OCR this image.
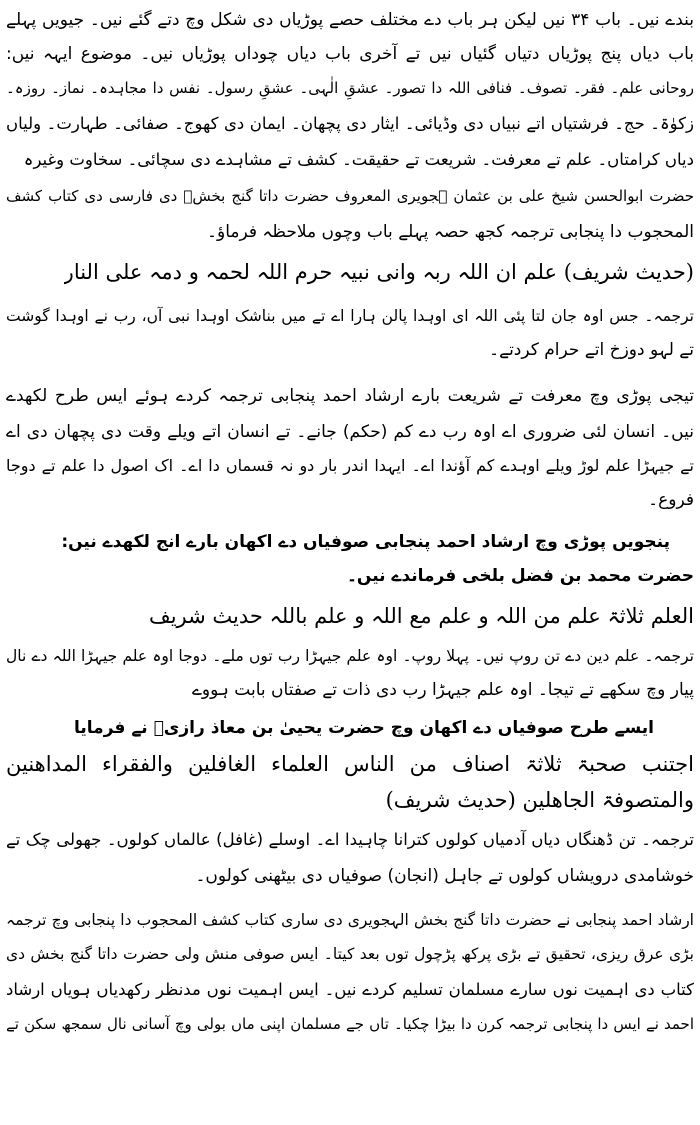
بندے نیں۔ باب ۳۴ نیں لیکن ہر باب دے مختلف حصے پوڑیاں دی شکل وچ دتے گئے نیں۔ جیویں پہلے
باب دیاں پنج پوڑیاں دتیاں گئیاں نیں تے آخری باب دیاں چوداں پوڑیاں نیں۔ موضوع ایہہ نیں:
روحانی علم۔ فقر۔ تصوف۔ فنافی اللہ دا تصور۔ عشقِ الٰہی۔ عشقِ رسول۔ نفس دا مجاہدہ۔ نماز۔ روزہ۔
زکوٰۃ۔ حج۔ فرشتیاں اتے نبیاں دی وڈیائی۔ ایثار دی پچھان۔ ایمان دی کھوج۔ صفائی۔ طہارت۔ ولیاں
دیاں کرامتاں۔ علم تے معرفت۔ شریعت تے حقیقت۔ کشف تے مشاہدے دی سچائی۔ سخاوت وغیرہ
حضرت ابوالحسن شیخ علی بن عثمان ہجویری المعروف حضرت داتا گنج بخشؒ دی فارسی دی کتاب کشف
المحجوب دا پنجابی ترجمہ کجھ حصہ پہلے باب وچوں ملاحظہ فرماؤ۔
(حدیث شریف) علم ان اللہ ربہ وانی نبیہ حرم اللہ لحمہ و دمہ علی النار
ترجمہ۔ جس اوہ جان لتا پئی اللہ ای اوہدا پالن ہارا اے تے میں بناشک اوہدا نبی آں، رب نے اوہدا گوشت
تے لہو دوزخ اتے حرام کردتے۔
تیجی پوڑی وچ معرفت تے شریعت بارے ارشاد احمد پنجابی ترجمہ کردے ہوئے ایس طرح لکھدے
نیں۔ انسان لئی ضروری اے اوہ رب دے کم (حکم) جانے۔ تے انسان اتے ویلے وقت دی پچھان دی اے
تے جیہڑا علم لوڑ ویلے اوہدے کم آؤندا اے۔ ایہدا اندر بار دو نہ قسماں دا اے۔ اک اصول دا علم تے دوجا
فروع۔
پنجویں پوڑی وچ ارشاد احمد پنجابی صوفیاں دے اکھان بارے انج لکھدے نیں:
حضرت محمد بن فضل بلخی فرماندے نیں۔
العلم ثلاثۃ علم من اللہ و علم مع اللہ و علم باللہ حدیث شریف
ترجمہ۔ علم دین دے تن روپ نیں۔ پہلا روپ۔ اوہ علم جیہڑا رب توں ملے۔ دوجا اوہ علم جیہڑا اللہ دے نال
پیار وچ سکھے تے تیجا۔ اوہ علم جیہڑا رب دی ذات تے صفتاں بابت ہووے
ایسے طرح صوفیاں دے اکھان وچ حضرت یحییٰ بن معاذ رازیؒ نے فرمایا
اجتنب صحبۃ ثلاثۃ اصناف من الناس العلماء الغافلین والفقراء المداھنین
والمتصوفۃ الجاھلین (حدیث شریف)
ترجمہ۔ تن ڈھنگاں دیاں آدمیاں کولوں کترانا چاہیدا اے۔ اوسلے (غافل) عالماں کولوں۔ جھولی چک تے
خوشامدی درویشاں کولوں تے جاہل (انجان) صوفیاں دی بیٹھنی کولوں۔
ارشاد احمد پنجابی نے حضرت داتا گنج بخش الہجویری دی ساری کتاب کشف المحجوب دا پنجابی وچ ترجمہ
بڑی عرق ریزی، تحقیق تے بڑی پرکھ پڑچول توں بعد کیتا۔ ایس صوفی منش ولی حضرت داتا گنج بخش دی
کتاب دی اہمیت نوں سارے مسلمان تسلیم کردے نیں۔ ایس اہمیت نوں مدنظر رکھدیاں ہویاں ارشاد
احمد نے ایس دا پنجابی ترجمہ کرن دا بیڑا چکیا۔ تاں جے مسلمان اپنی ماں بولی وچ آسانی نال سمجھ سکن تے
